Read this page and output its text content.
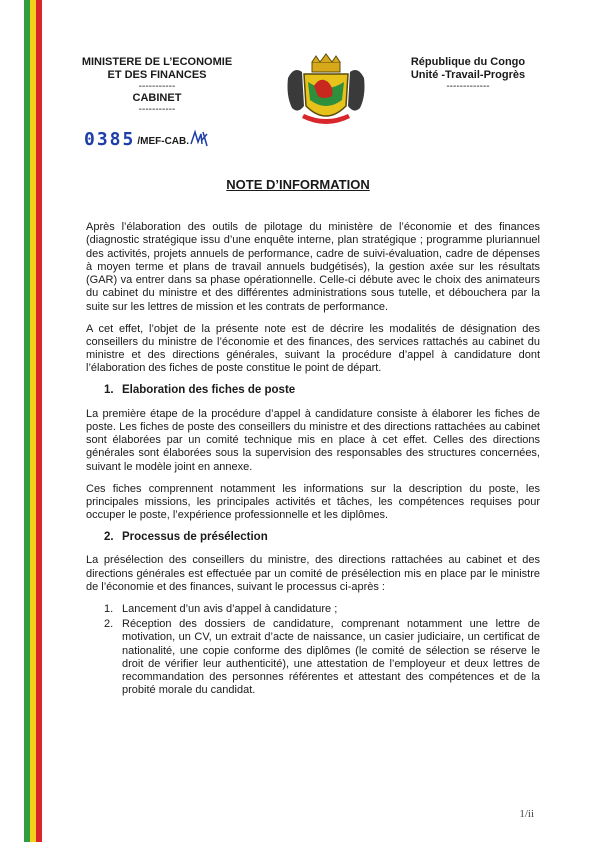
MINISTERE DE L’ECONOMIE
ET DES FINANCES
-----------
CABINET
-----------
République du Congo
Unité -Travail-Progrès
-------------
0385 /MEF-CAB.
NOTE D’INFORMATION

Après l’élaboration des outils de pilotage du ministère de l’économie et des finances (diagnostic stratégique issu d’une enquête interne, plan stratégique ; programme pluriannuel des activités, projets annuels de performance, cadre de suivi-évaluation, cadre de dépenses à moyen terme et plans de travail annuels budgétisés), la gestion axée sur les résultats (GAR) va entrer dans sa phase opérationnelle. Celle-ci débute avec le choix des animateurs du cabinet du ministre et des différentes administrations sous tutelle, et débouchera par la suite sur les lettres de mission et les contrats de performance.

A cet effet, l’objet de la présente note est de décrire les modalités de désignation des conseillers du ministre de l’économie et des finances, des services rattachés au cabinet du ministre et des directions générales, suivant la procédure d’appel à candidature dont l’élaboration des fiches de poste constitue le point de départ.

1. Elaboration des fiches de poste

La première étape de la procédure d’appel à candidature consiste à élaborer les fiches de poste. Les fiches de poste des conseillers du ministre et des directions rattachées au cabinet sont élaborées par un comité technique mis en place à cet effet. Celles des directions générales sont élaborées sous la supervision des responsables des structures concernées, suivant le modèle joint en annexe.

Ces fiches comprennent notamment les informations sur la description du poste, les principales missions, les principales activités et tâches, les compétences requises pour occuper le poste, l’expérience professionnelle et les diplômes.

2. Processus de présélection

La présélection des conseillers du ministre, des directions rattachées au cabinet et des directions générales est effectuée par un comité de présélection mis en place par le ministre de l’économie et des finances, suivant le processus ci-après :

1. Lancement d’un avis d’appel à candidature ;
2. Réception des dossiers de candidature, comprenant notamment une lettre de motivation, un CV, un extrait d’acte de naissance, un casier judiciaire, un certificat de nationalité, une copie conforme des diplômes (le comité de sélection se réserve le droit de vérifier leur authenticité), une attestation de l’employeur et deux lettres de recommandation des personnes référentes et attestant des compétences et de la probité morale du candidat.
1/ii
